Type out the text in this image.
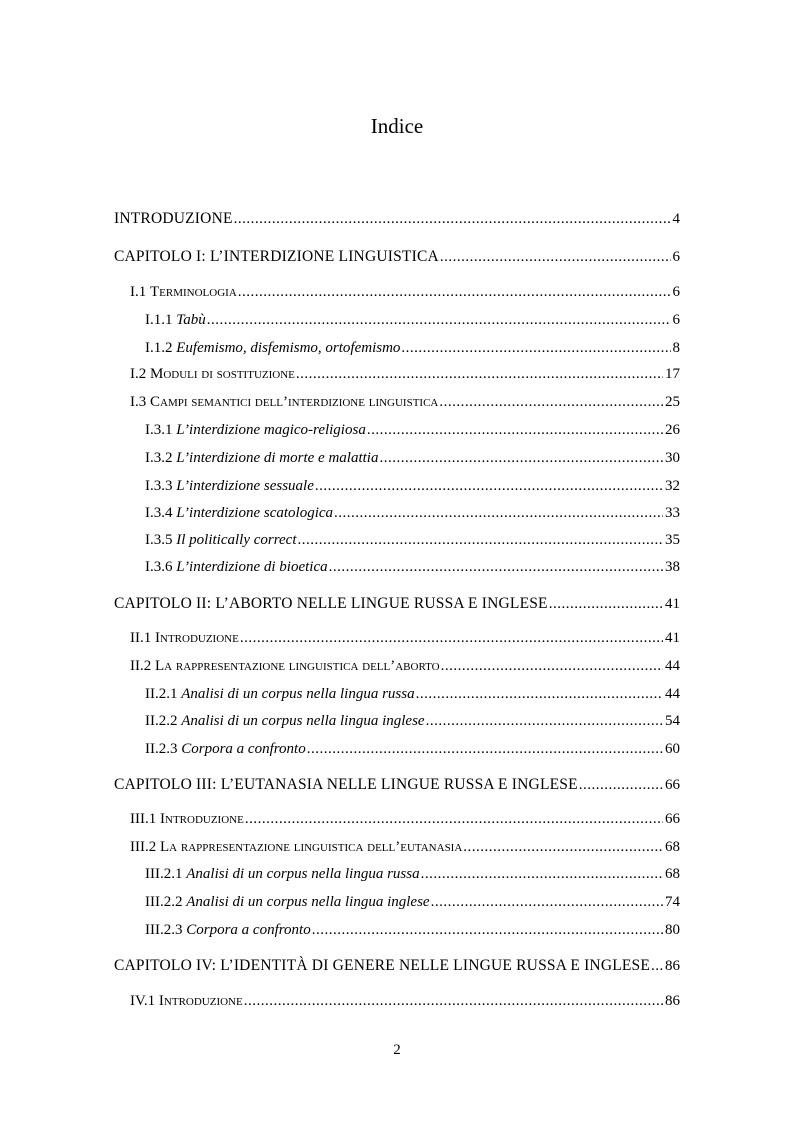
Indice
INTRODUZIONE .....	4
CAPITOLO I: L’INTERDIZIONE LINGUISTICA .....	6
I.1 Terminologia .....	6
I.1.1 Tabù .....	6
I.1.2 Eufemismo, disfemismo, ortofemismo .....	8
I.2 Moduli di sostituzione .....	17
I.3 Campi semantici dell’interdizione linguistica .....	25
I.3.1 L’interdizione magico-religiosa .....	26
I.3.2 L’interdizione di morte e malattia .....	30
I.3.3 L’interdizione sessuale .....	32
I.3.4 L’interdizione scatologica .....	33
I.3.5 Il politically correct .....	35
I.3.6 L’interdizione di bioetica .....	38
CAPITOLO II: L’ABORTO NELLE LINGUE RUSSA E INGLESE .....	41
II.1 Introduzione .....	41
II.2 La rappresentazione linguistica dell’aborto .....	44
II.2.1 Analisi di un corpus nella lingua russa .....	44
II.2.2 Analisi di un corpus nella lingua inglese .....	54
II.2.3 Corpora a confronto .....	60
CAPITOLO III: L’EUTANASIA NELLE LINGUE RUSSA E INGLESE .....	66
III.1 Introduzione .....	66
III.2 La rappresentazione linguistica dell’eutanasia .....	68
III.2.1 Analisi di un corpus nella lingua russa .....	68
III.2.2 Analisi di un corpus nella lingua inglese .....	74
III.2.3 Corpora a confronto .....	80
CAPITOLO IV: L’IDENTITÀ DI GENERE NELLE LINGUE RUSSA E INGLESE ..... 86
IV.1 Introduzione .....	86
2
